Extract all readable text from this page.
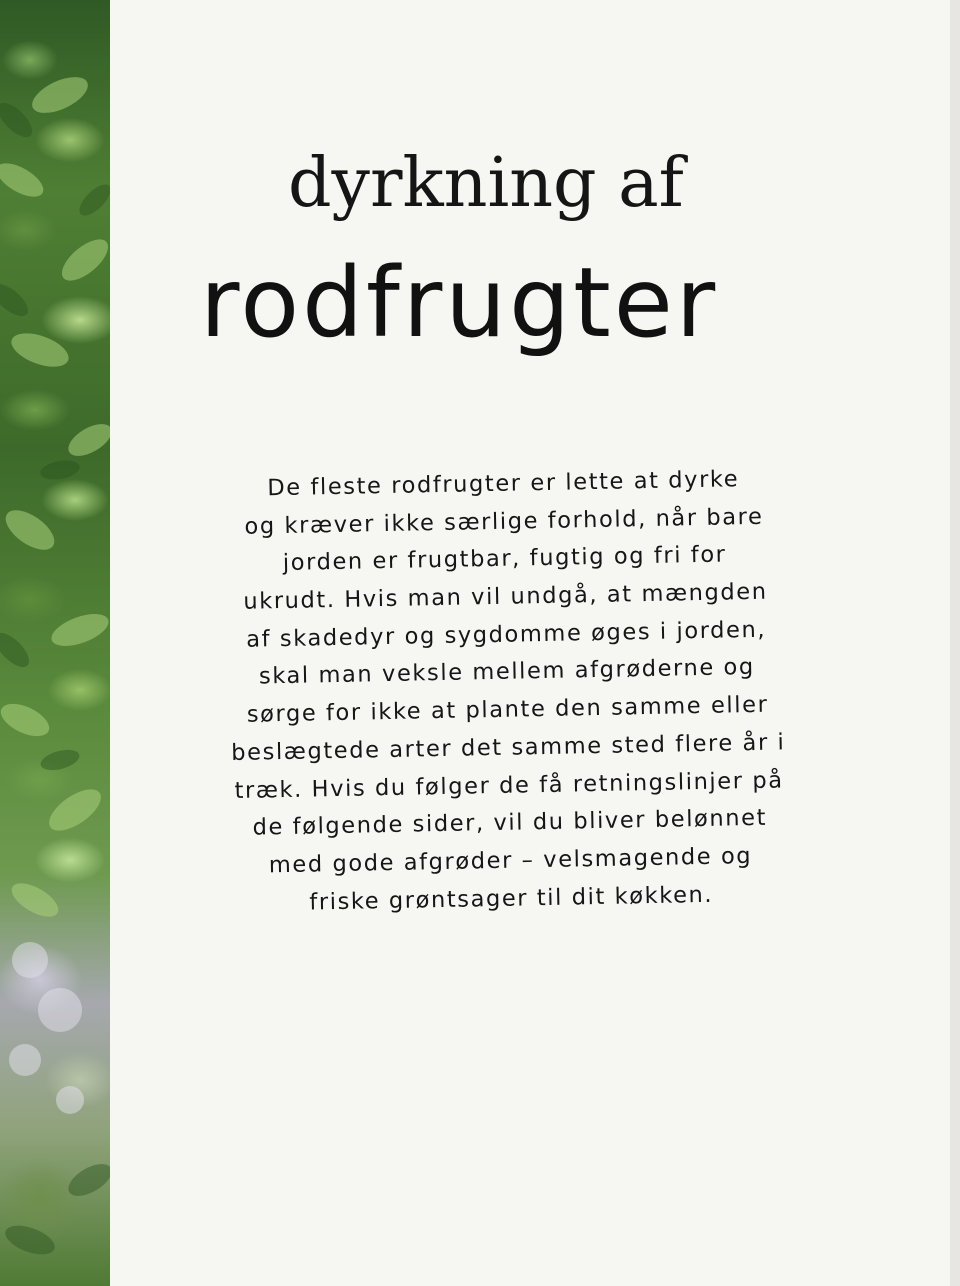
dyrkning af
rodfrugter
De fleste rodfrugter er lette at dyrke
og kræver ikke særlige forhold, når bare
jorden er frugtbar, fugtig og fri for
ukrudt. Hvis man vil undgå, at mængden
af skadedyr og sygdomme øges i jorden,
skal man veksle mellem afgrøderne og
sørge for ikke at plante den samme eller
beslægtede arter det samme sted flere år i
træk. Hvis du følger de få retningslinjer på
de følgende sider, vil du bliver belønnet
med gode afgrøder – velsmagende og
friske grøntsager til dit køkken.
